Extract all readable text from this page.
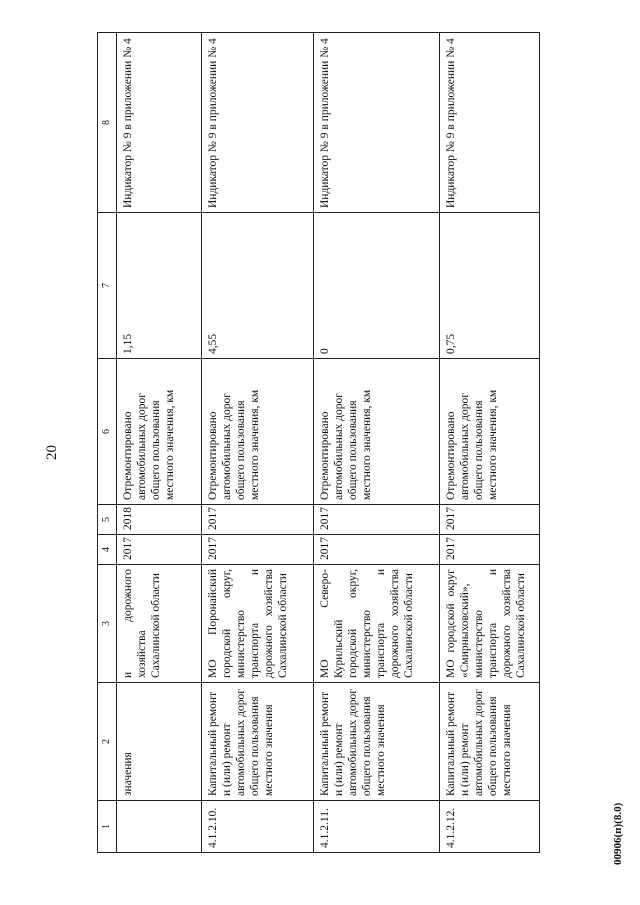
20
1	2	3	4	5	6	7	8
	значения	и дорожного хозяйства Сахалинской области	2017	2018	Отремонтировано автомобильных дорог общего пользования местного значения, км	1,15	Индикатор № 9 в приложении № 4
4.1.2.10.	Капитальный ремонт и (или) ремонт автомобильных дорог общего пользования местного значения	МО Поронайский городской округ, министерство транспорта и дорожного хозяйства Сахалинской области	2017	2017	Отремонтировано автомобильных дорог общего пользования местного значения, км	4,55	Индикатор № 9 в приложении № 4
4.1.2.11.	Капитальный ремонт и (или) ремонт автомобильных дорог общего пользования местного значения	МО Северо-Курильский городской округ, министерство транспорта и дорожного хозяйства Сахалинской области	2017	2017	Отремонтировано автомобильных дорог общего пользования местного значения, км	0	Индикатор № 9 в приложении № 4
4.1.2.12.	Капитальный ремонт и (или) ремонт автомобильных дорог общего пользования местного значения	МО городской округ «Смирныховский», министерство транспорта и дорожного хозяйства Сахалинской области	2017	2017	Отремонтировано автомобильных дорог общего пользования местного значения, км	0,75	Индикатор № 9 в приложении № 4
00906(п)(8.0)
